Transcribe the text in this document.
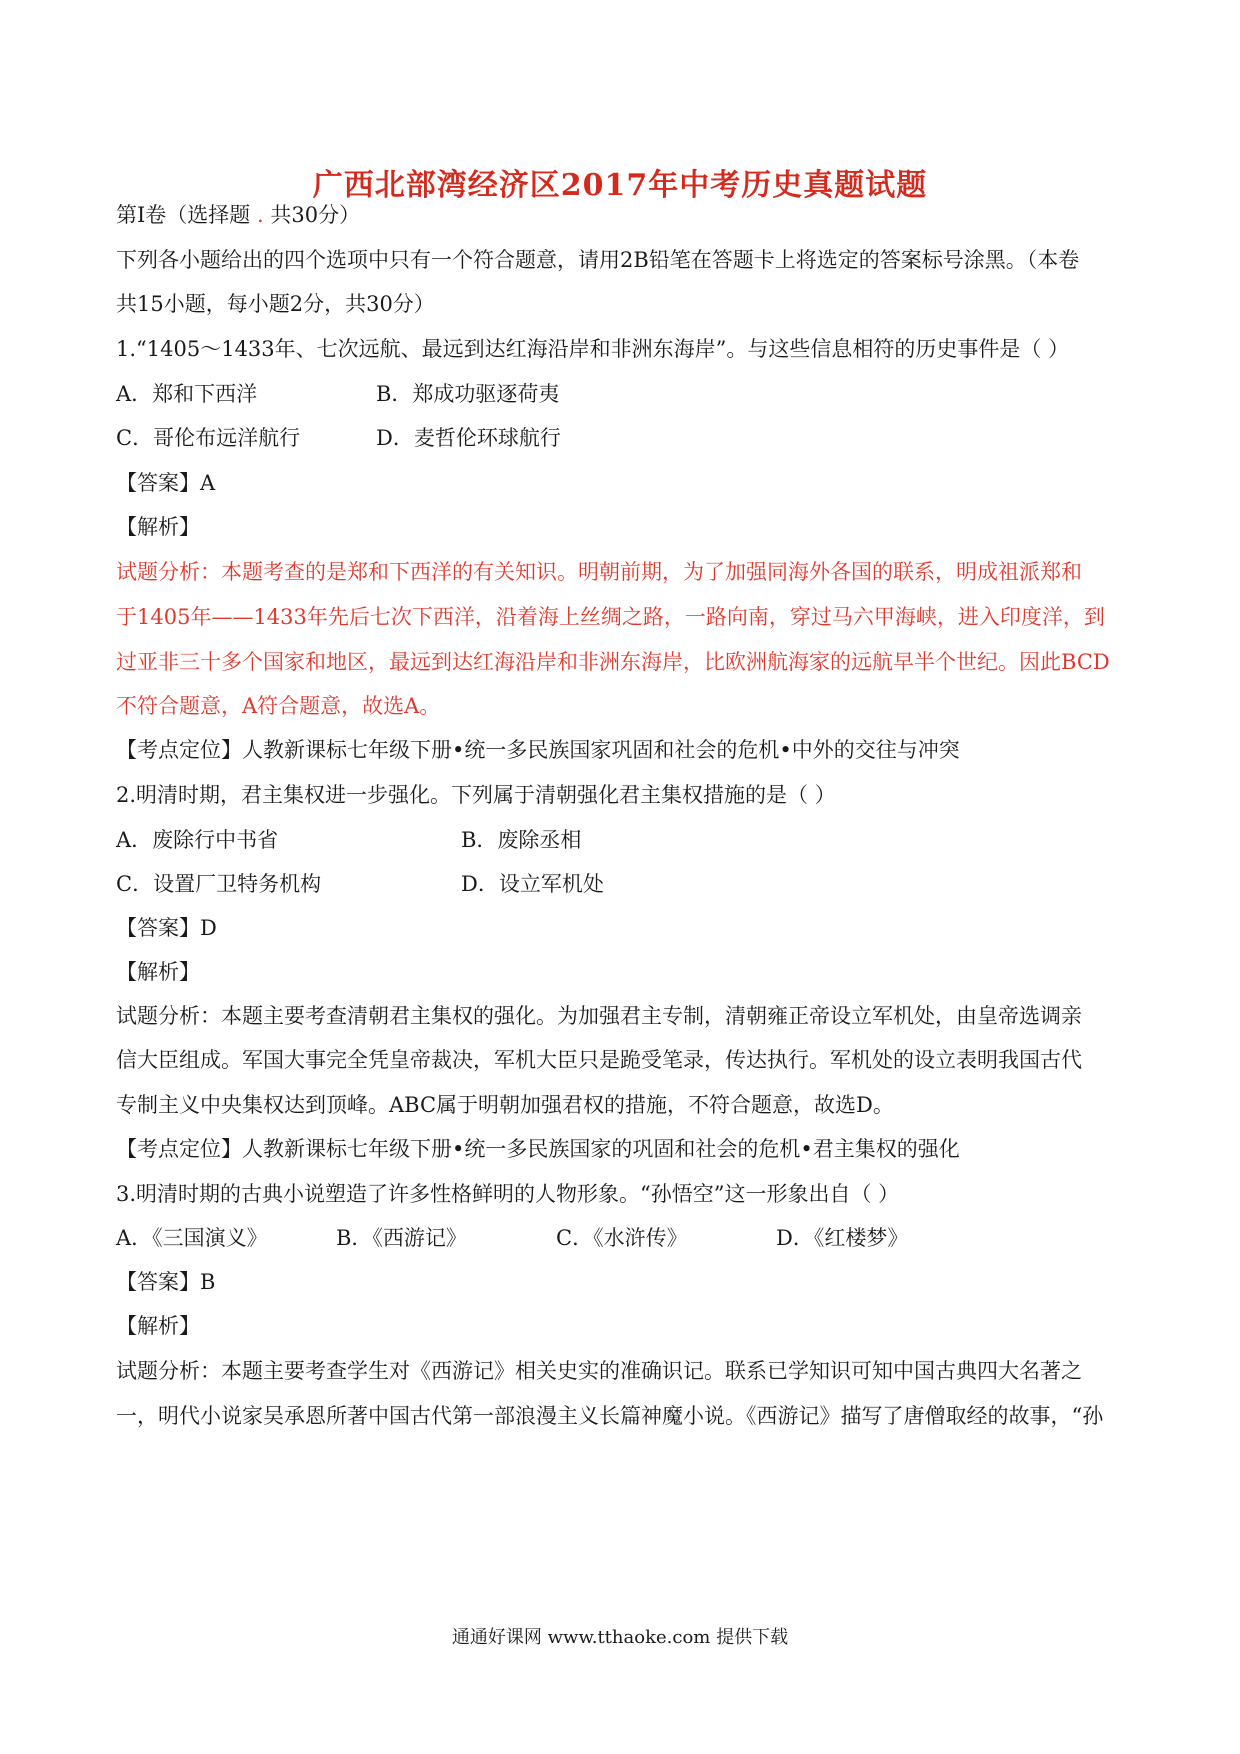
广西北部湾经济区2017年中考历史真题试题
第Ⅰ卷（选择题 . 共30分）
下列各小题给出的四个选项中只有一个符合题意，请用2B铅笔在答题卡上将选定的答案标号涂黑。（本卷
共15小题，每小题2分，共30分）
1.“1405～1433年、七次远航、最远到达红海沿岸和非洲东海岸”。与这些信息相符的历史事件是（ ）
A．郑和下西洋	B．郑成功驱逐荷夷
C．哥伦布远洋航行	D．麦哲伦环球航行
【答案】A
【解析】
试题分析：本题考查的是郑和下西洋的有关知识。明朝前期，为了加强同海外各国的联系，明成祖派郑和
于1405年——1433年先后七次下西洋，沿着海上丝绸之路，一路向南，穿过马六甲海峡，进入印度洋，到
过亚非三十多个国家和地区，最远到达红海沿岸和非洲东海岸，比欧洲航海家的远航早半个世纪。因此BCD
不符合题意，A符合题意，故选A。
【考点定位】人教新课标七年级下册•统一多民族国家巩固和社会的危机•中外的交往与冲突
2.明清时期，君主集权进一步强化。下列属于清朝强化君主集权措施的是（ ）
A．废除行中书省	B．废除丞相
C．设置厂卫特务机构	D．设立军机处
【答案】D
【解析】
试题分析：本题主要考查清朝君主集权的强化。为加强君主专制，清朝雍正帝设立军机处，由皇帝选调亲
信大臣组成。军国大事完全凭皇帝裁决，军机大臣只是跪受笔录，传达执行。军机处的设立表明我国古代
专制主义中央集权达到顶峰。ABC属于明朝加强君权的措施，不符合题意，故选D。
【考点定位】人教新课标七年级下册•统一多民族国家的巩固和社会的危机•君主集权的强化
3.明清时期的古典小说塑造了许多性格鲜明的人物形象。“孙悟空”这一形象出自（ ）
A．《三国演义》	B．《西游记》	C．《水浒传》	D．《红楼梦》
【答案】B
【解析】
试题分析：本题主要考查学生对《西游记》相关史实的准确识记。联系已学知识可知中国古典四大名著之
一，明代小说家吴承恩所著中国古代第一部浪漫主义长篇神魔小说。《西游记》描写了唐僧取经的故事，“孙
通通好课网 www.tthaoke.com 提供下载
